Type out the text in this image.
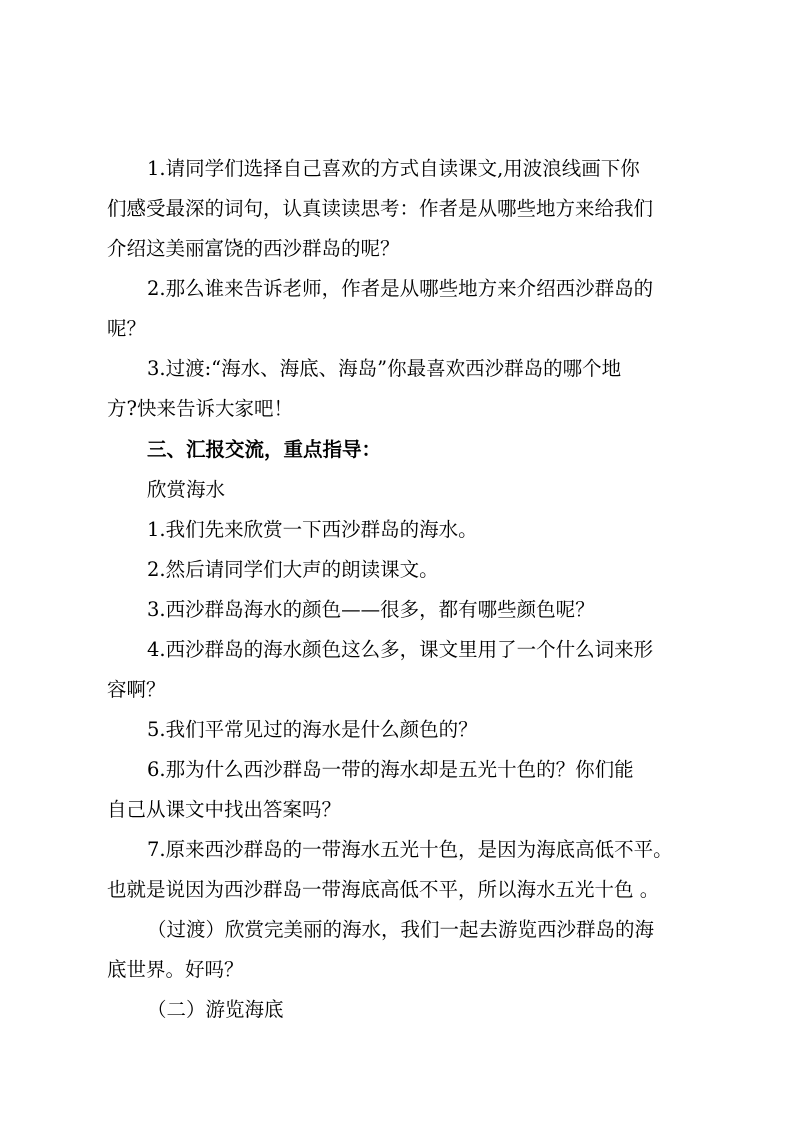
1.请同学们选择自己喜欢的方式自读课文,用波浪线画下你
们感受最深的词句，认真读读思考：作者是从哪些地方来给我们
介绍这美丽富饶的西沙群岛的呢？
2.那么谁来告诉老师，作者是从哪些地方来介绍西沙群岛的
呢？
3.过渡:“海水、海底、海岛”你最喜欢西沙群岛的哪个地
方?快来告诉大家吧！
三、汇报交流，重点指导：
欣赏海水
1.我们先来欣赏一下西沙群岛的海水。
2.然后请同学们大声的朗读课文。
3.西沙群岛海水的颜色——很多，都有哪些颜色呢？
4.西沙群岛的海水颜色这么多，课文里用了一个什么词来形
容啊？
5.我们平常见过的海水是什么颜色的？
6.那为什么西沙群岛一带的海水却是五光十色的？你们能
自己从课文中找出答案吗？
7.原来西沙群岛的一带海水五光十色，是因为海底高低不平。
也就是说因为西沙群岛一带海底高低不平，所以海水五光十色 。
（过渡）欣赏完美丽的海水，我们一起去游览西沙群岛的海
底世界。好吗？
（二）游览海底
